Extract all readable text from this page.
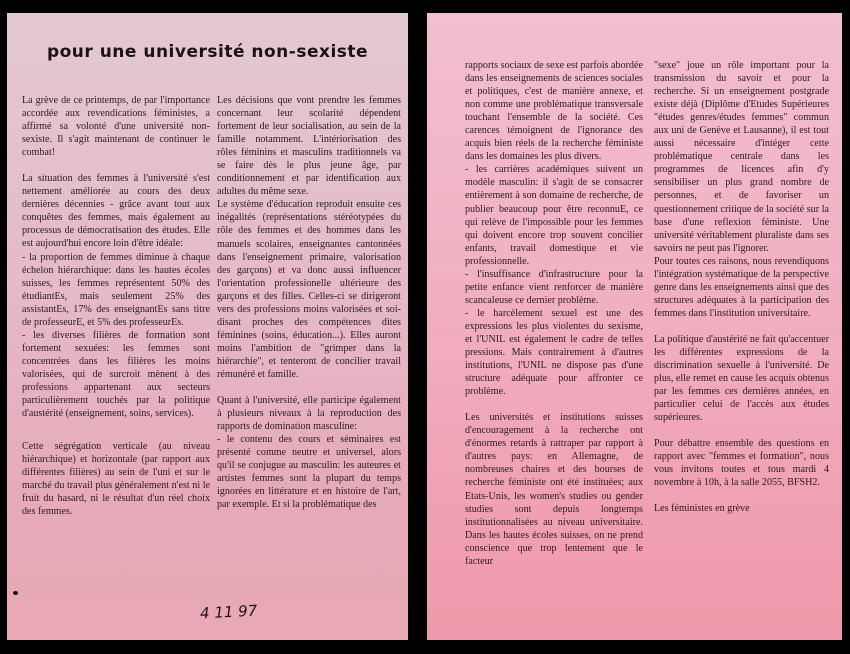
pour une université non-sexiste

La grève de ce printemps, de par l'importance accordée aux revendications féministes, a affirmé sa volonté d'une université non-sexiste. Il s'agit maintenant de continuer le combat!

La situation des femmes à l'université s'est nettement améliorée au cours des deux dernières décennies - grâce avant tout aux conquêtes des femmes, mais également au processus de démocratisation des études. Elle est aujourd'hui encore loin d'être idéale:

- la proportion de femmes diminue à chaque échelon hiérarchique: dans les hautes écoles suisses, les femmes représentent 50% des étudiantEs, mais seulement 25% des assistantEs, 17% des enseignantEs sans titre de professeurE, et 5% des professeurEs.

- les diverses filières de formation sont fortement sexuées: les femmes sont concentrées dans les filières les moins valorisées, qui de surcroit mènent à des professions appartenant aux secteurs particulièrement touchés par la politique d'austérité (enseignement, soins, services).

Cette ségrégation verticale (au niveau hiérarchique) et horizontale (par rapport aux différentes filières) au sein de l'uni et sur le marché du travail plus généralement n'est ni le fruit du hasard, ni le résultat d'un réel choix des femmes.

Les décisions que vont prendre les femmes concernant leur scolarité dépendent fortement de leur socialisation, au sein de la famille notamment. L'intériorisation des rôles féminins et masculins traditionnels va se faire dès le plus jeune âge, par conditionnement et par identification aux adultes du même sexe.

Le système d'éducation reproduit ensuite ces inégalités (représentations stéréotypées du rôle des femmes et des hommes dans les manuels scolaires, enseignantes cantonnées dans l'enseignement primaire, valorisation des garçons) et va donc aussi influencer l'orientation professionelle ultérieure des garçons et des filles. Celles-ci se dirigeront vers des professions moins valorisées et soi-disant proches des compétences dites féminines (soins, éducation...). Elles auront moins l'ambition de "grimper dans la hiérarchie", et tenteront de concilier travail rémunéré et famille.

Quant à l'université, elle participe également à plusieurs niveaux à la reproduction des rapports de domination masculine:

- le contenu des cours et séminaires est présenté comme neutre et universel, alors qu'il se conjugue au masculin: les auteures et artistes femmes sont la plupart du temps ignorées en littérature et en histoire de l'art, par exemple. Et si la problématique des

4 11 97

rapports sociaux de sexe est parfois abordée dans les enseignements de sciences sociales et politiques, c'est de manière annexe, et non comme une problématique transversale touchant l'ensemble de la société. Ces carences témoignent de l'ignorance des acquis bien réels de la recherche féministe dans les domaines les plus divers.

- les carrières académiques suivent un modèle masculin: il s'agit de se consacrer entièrement à son domaine de recherche, de publier beaucoup pour être reconnuE, ce qui relève de l'impossible pour les femmes qui doivent encore trop souvent concilier enfants, travail domestique et vie professionnelle.

- l'insuffisance d'infrastructure pour la petite enfance vient renforcer de manière scancaleuse ce dernier problème.

- le harcèlement sexuel est une des expressions les plus violentes du sexisme, et l'UNIL est également le cadre de telles pressions. Mais contrairement à d'autres institutions, l'UNIL ne dispose pas d'une structure adéquate pour affronter ce problème.

Les universités et institutions suisses d'encouragement à la recherche ont d'énormes retards à rattraper par rapport à d'autres pays: en Allemagne, de nombreuses chaires et des bourses de recherche féministe ont été instituées; aux Etats-Unis, les women's studies ou gender studies sont depuis longtemps institutionnalisées au niveau universitaire. Dans les hautes écoles suisses, on ne prend conscience que trop lentement que le facteur

"sexe" joue un rôle important pour la transmission du savoir et pour la recherche. Si un enseignement postgrade existe déjà (Diplôme d'Etudes Supérieures "études genres/études femmes" commun aux uni de Genève et Lausanne), il est tout aussi nécessaire d'intéger cette problématique centrale dans les programmes de licences afin d'y sensibiliser un plus grand nombre de personnes, et de favoriser un questionnement critique de la société sur la base d'une reflexion féministe. Une université véritablement pluraliste dans ses savoirs ne peut pas l'ignorer.

Pour toutes ces raisons, nous revendiquons l'intégration systématique de la perspective genre dans les enseignements ainsi que des structures adéquates à la participation des femmes dans l'institution universitaire.

La politique d'austérité ne fait qu'accentuer les différentes expressions de la discrimination sexuelle à l'université. De plus, elle remet en cause les acquis obtenus par les femmes ces dernières années, en particulier celui de l'accès aux études supérieures.

Pour débattre ensemble des questions en rapport avec "femmes et formation", nous vous invitons toutes et tous mardi 4 novembre à 10h, à la salle 2055, BFSH2.

Les féministes en grève
